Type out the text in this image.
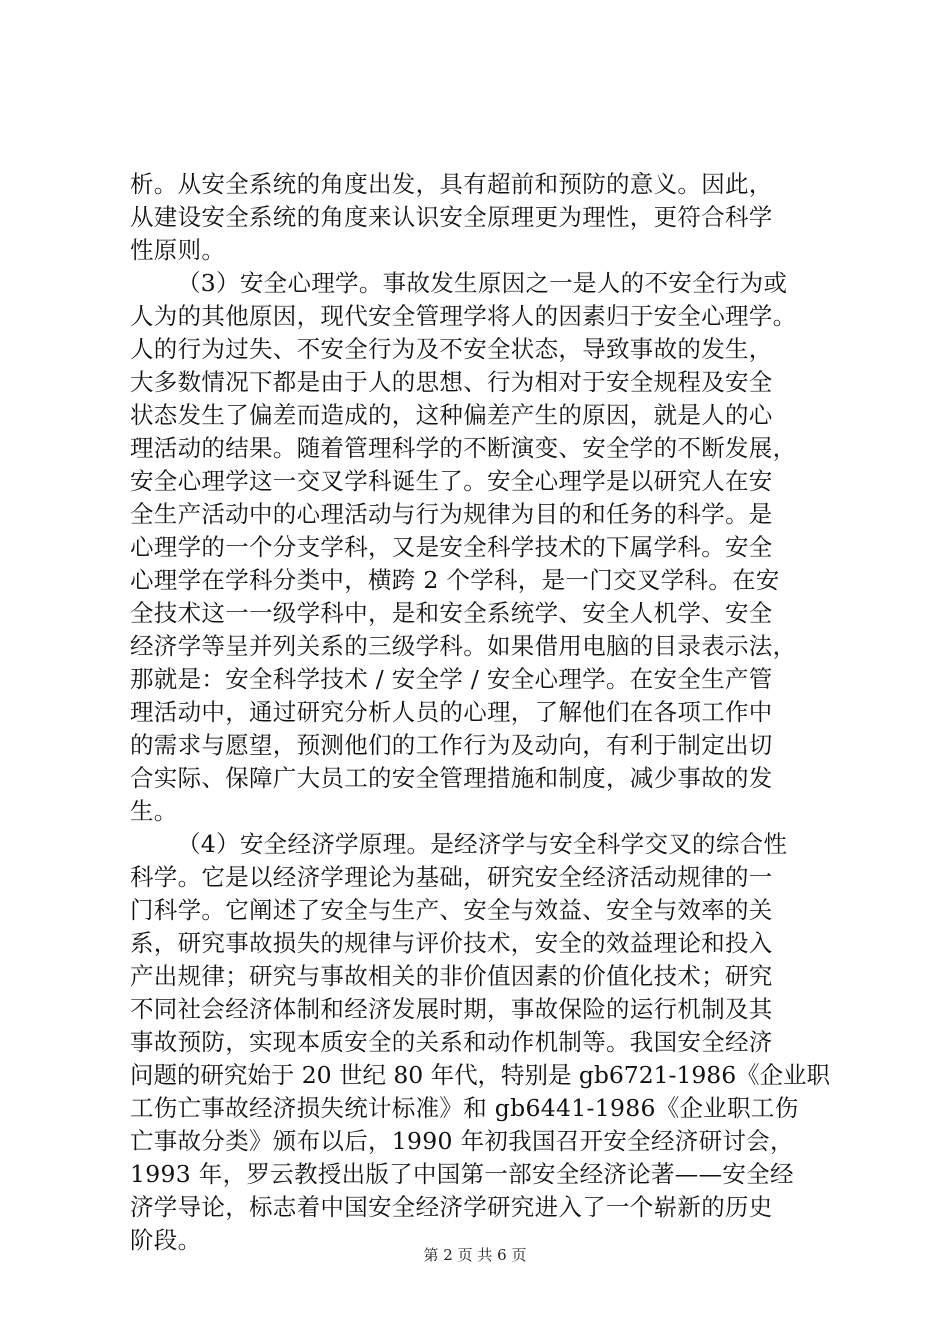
析。从安全系统的角度出发，具有超前和预防的意义。因此，
从建设安全系统的角度来认识安全原理更为理性，更符合科学
性原则。
（3）安全心理学。事故发生原因之一是人的不安全行为或
人为的其他原因，现代安全管理学将人的因素归于安全心理学。
人的行为过失、不安全行为及不安全状态，导致事故的发生，
大多数情况下都是由于人的思想、行为相对于安全规程及安全
状态发生了偏差而造成的，这种偏差产生的原因，就是人的心
理活动的结果。随着管理科学的不断演变、安全学的不断发展，
安全心理学这一交叉学科诞生了。安全心理学是以研究人在安
全生产活动中的心理活动与行为规律为目的和任务的科学。是
心理学的一个分支学科，又是安全科学技术的下属学科。安全
心理学在学科分类中，横跨 2 个学科，是一门交叉学科。在安
全技术这一一级学科中，是和安全系统学、安全人机学、安全
经济学等呈并列关系的三级学科。如果借用电脑的目录表示法，
那就是：安全科学技术 / 安全学 / 安全心理学。在安全生产管
理活动中，通过研究分析人员的心理，了解他们在各项工作中
的需求与愿望，预测他们的工作行为及动向，有利于制定出切
合实际、保障广大员工的安全管理措施和制度，减少事故的发
生。
（4）安全经济学原理。是经济学与安全科学交叉的综合性
科学。它是以经济学理论为基础，研究安全经济活动规律的一
门科学。它阐述了安全与生产、安全与效益、安全与效率的关
系，研究事故损失的规律与评价技术，安全的效益理论和投入
产出规律；研究与事故相关的非价值因素的价值化技术；研究
不同社会经济体制和经济发展时期，事故保险的运行机制及其
事故预防，实现本质安全的关系和动作机制等。我国安全经济
问题的研究始于 20 世纪 80 年代，特别是 gb6721-1986《企业职
工伤亡事故经济损失统计标准》和 gb6441-1986《企业职工伤
亡事故分类》颁布以后，1990 年初我国召开安全经济研讨会，
1993 年，罗云教授出版了中国第一部安全经济论著——安全经
济学导论，标志着中国安全经济学研究进入了一个崭新的历史
阶段。
第 2 页 共 6 页
